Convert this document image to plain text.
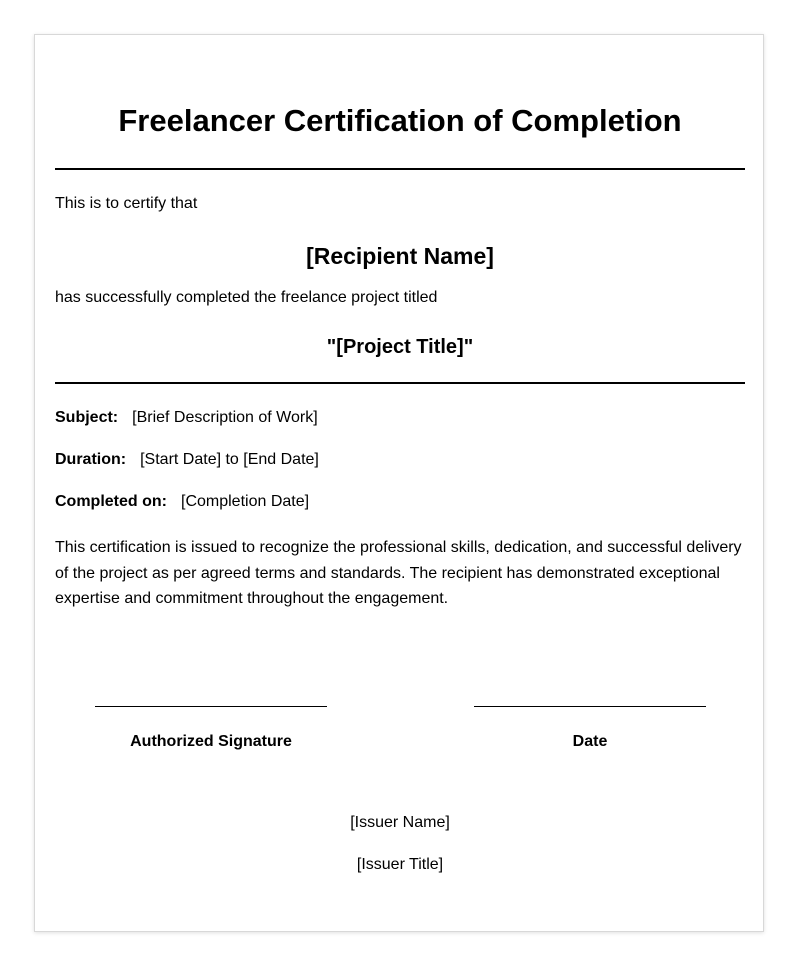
Freelancer Certification of Completion
This is to certify that
[Recipient Name]
has successfully completed the freelance project titled
"[Project Title]"
Subject: [Brief Description of Work]
Duration: [Start Date] to [End Date]
Completed on: [Completion Date]
This certification is issued to recognize the professional skills, dedication, and successful delivery of the project as per agreed terms and standards. The recipient has demonstrated exceptional expertise and commitment throughout the engagement.
Authorized Signature	Date
[Issuer Name]
[Issuer Title]
